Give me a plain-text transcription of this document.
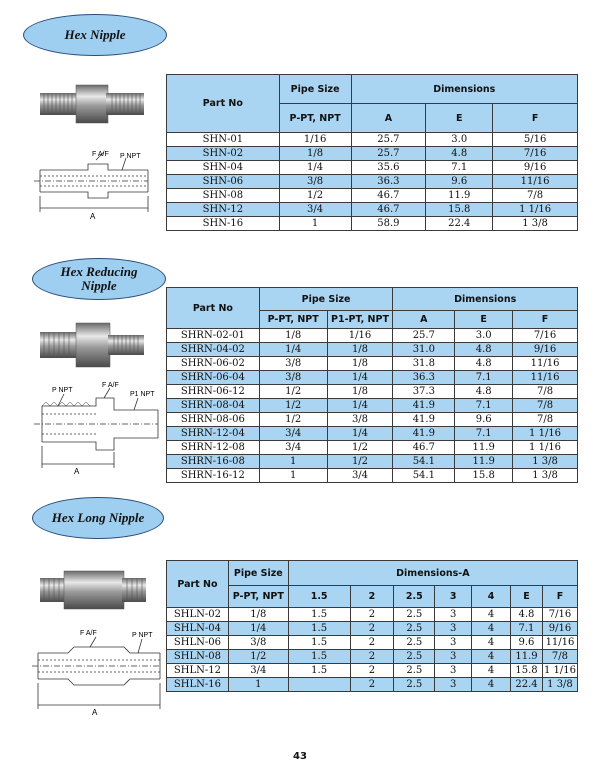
Hex Nipple
F A/F P NPT
A
Part No	Pipe Size	Dimensions		
	P-PT, NPT	A	E	F
SHN-01	1/16	25.7	3.0	5/16
SHN-02	1/8	25.7	4.8	7/16
SHN-04	1/4	35.6	7.1	9/16
SHN-06	3/8	36.3	9.6	11/16
SHN-08	1/2	46.7	11.9	7/8
SHN-12	3/4	46.7	15.8	1 1/16
SHN-16	1	58.9	22.4	1 3/8
Hex Reducing
Nipple
P NPT
F A/F
P1 NPT
A
Part No	Pipe Size		Dimensions		
	P-PT, NPT	P1-PT, NPT	A	E	F
SHRN-02-01	1/8	1/16	25.7	3.0	7/16
SHRN-04-02	1/4	1/8	31.0	4.8	9/16
SHRN-06-02	3/8	1/8	31.8	4.8	11/16
SHRN-06-04	3/8	1/4	36.3	7.1	11/16
SHRN-06-12	1/2	1/8	37.3	4.8	7/8
SHRN-08-04	1/2	1/4	41.9	7.1	7/8
SHRN-08-06	1/2	3/8	41.9	9.6	7/8
SHRN-12-04	3/4	1/4	41.9	7.1	1 1/16
SHRN-12-08	3/4	1/2	46.7	11.9	1 1/16
SHRN-16-08	1	1/2	54.1	11.9	1 3/8
SHRN-16-12	1	3/4	54.1	15.8	1 3/8
Hex Long Nipple
F A/F	P NPT
A
Part No	Pipe Size	Dimensions-A						
	P-PT, NPT	1.5	2	2.5	3	4	E	F
SHLN-02	1/8	1.5	2	2.5	3	4	4.8	7/16
SHLN-04	1/4	1.5	2	2.5	3	4	7.1	9/16
SHLN-06	3/8	1.5	2	2.5	3	4	9.6	11/16
SHLN-08	1/2	1.5	2	2.5	3	4	11.9	7/8
SHLN-12	3/4	1.5	2	2.5	3	4	15.8	1 1/16
SHLN-16	1		2	2.5	3	4	22.4	1 3/8
43
